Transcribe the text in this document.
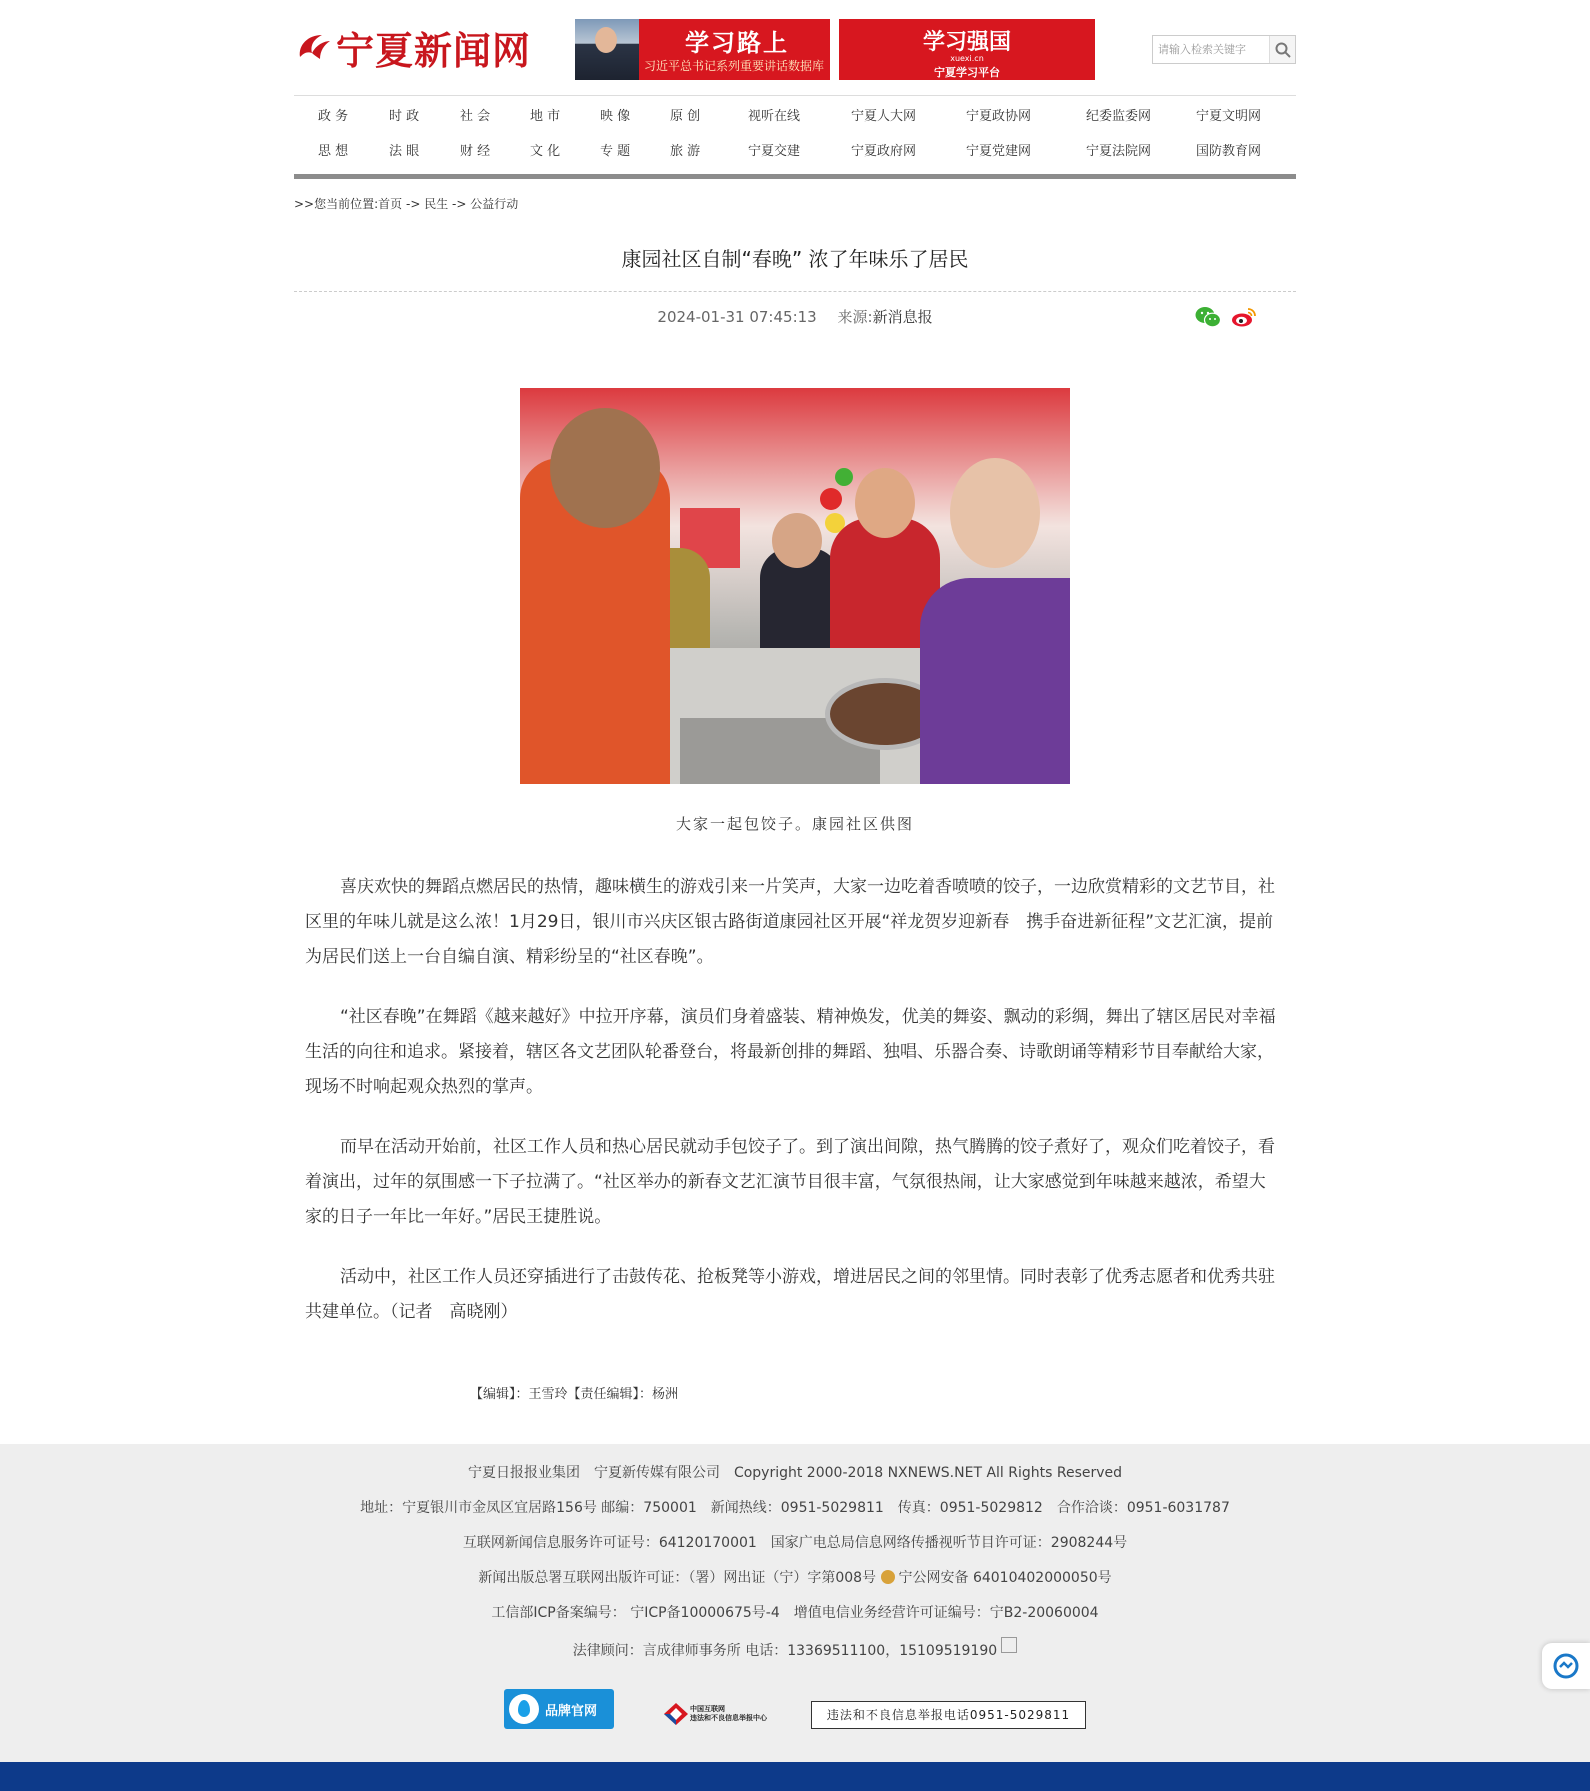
宁夏新闻网	学习路上
习近平总书记系列重要讲话数据库
学习强国
xuexi.cn
宁夏学习平台
请输入检索关键字
政 务	时 政	社 会	地 市	映 像	原 创	视听在线	宁夏人大网	宁夏政协网	纪委监委网	宁夏文明网
思 想	法 眼	财 经	文 化	专 题	旅 游	宁夏交建	宁夏政府网	宁夏党建网	宁夏法院网	国防教育网
>>您当前位置:首页 -> 民生 -> 公益行动
康园社区自制“春晚” 浓了年味乐了居民
2024-01-31 07:45:13 来源:新消息报
大家一起包饺子。康园社区供图

喜庆欢快的舞蹈点燃居民的热情，趣味横生的游戏引来一片笑声，大家一边吃着香喷喷的饺子，一边欣赏精彩的文艺节目，社区里的年味儿就是这么浓！1月29日，银川市兴庆区银古路街道康园社区开展“祥龙贺岁迎新春　携手奋进新征程”文艺汇演，提前为居民们送上一台自编自演、精彩纷呈的“社区春晚”。

“社区春晚”在舞蹈《越来越好》中拉开序幕，演员们身着盛装、精神焕发，优美的舞姿、飘动的彩绸，舞出了辖区居民对幸福生活的向往和追求。紧接着，辖区各文艺团队轮番登台，将最新创排的舞蹈、独唱、乐器合奏、诗歌朗诵等精彩节目奉献给大家，现场不时响起观众热烈的掌声。

而早在活动开始前，社区工作人员和热心居民就动手包饺子了。到了演出间隙，热气腾腾的饺子煮好了，观众们吃着饺子，看着演出，过年的氛围感一下子拉满了。“社区举办的新春文艺汇演节目很丰富，气氛很热闹，让大家感觉到年味越来越浓，希望大家的日子一年比一年好。”居民王捷胜说。

活动中，社区工作人员还穿插进行了击鼓传花、抢板凳等小游戏，增进居民之间的邻里情。同时表彰了优秀志愿者和优秀共驻共建单位。（记者　高晓刚）

【编辑】：王雪玲【责任编辑】：杨洲
宁夏日报报业集团　宁夏新传媒有限公司　Copyright 2000-2018 NXNEWS.NET All Rights Reserved
地址：宁夏银川市金凤区宜居路156号 邮编：750001　新闻热线：0951-5029811　传真：0951-5029812　合作洽谈：0951-6031787
互联网新闻信息服务许可证号：64120170001　国家广电总局信息网络传播视听节目许可证：2908244号
新闻出版总署互联网出版许可证：（署）网出证（宁）字第008号 宁公网安备 64010402000050号
工信部ICP备案编号： 宁ICP备10000675号-4　增值电信业务经营许可证编号：宁B2-20060004
法律顾问：言成律师事务所 电话：13369511100，15109519190
品牌官网	中国互联网
违法和不良信息举报中心	违法和不良信息举报电话0951-5029811
